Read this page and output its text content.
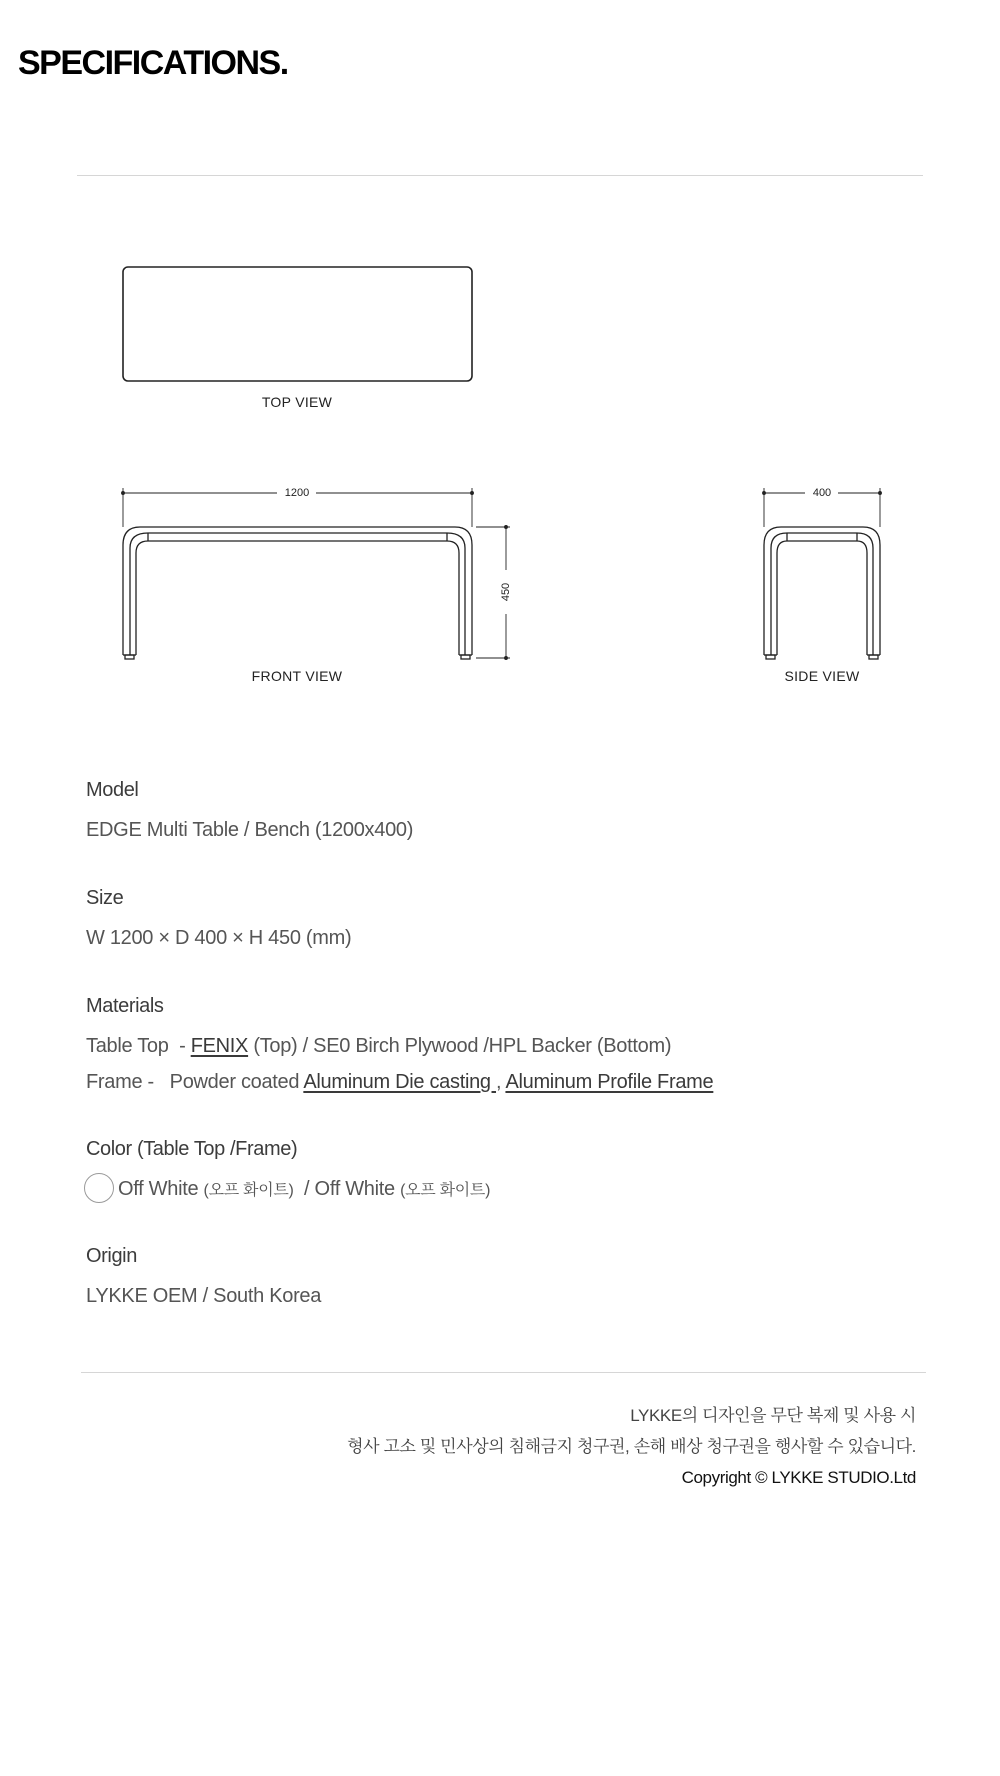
SPECIFICATIONS.
TOP VIEW
FRONT VIEW	SIDE VIEW
1200
450
400

Model

EDGE Multi Table / Bench (1200x400)

Size

W 1200 × D 400 × H 450 (mm)

Materials

Table Top  - FENIX (Top) / SE0 Birch Plywood /HPL Backer (Bottom)

Frame -   Powder coated Aluminum Die casting , Aluminum Profile Frame

Color (Table Top /Frame)

Off White (오프 화이트)  / Off White (오프 화이트)

Origin

LYKKE OEM / South Korea

LYKKE의 디자인을 무단 복제 및 사용 시
형사 고소 및 민사상의 침해금지 청구권, 손해 배상 청구권을 행사할 수 있습니다.
Copyright © LYKKE STUDIO.Ltd
